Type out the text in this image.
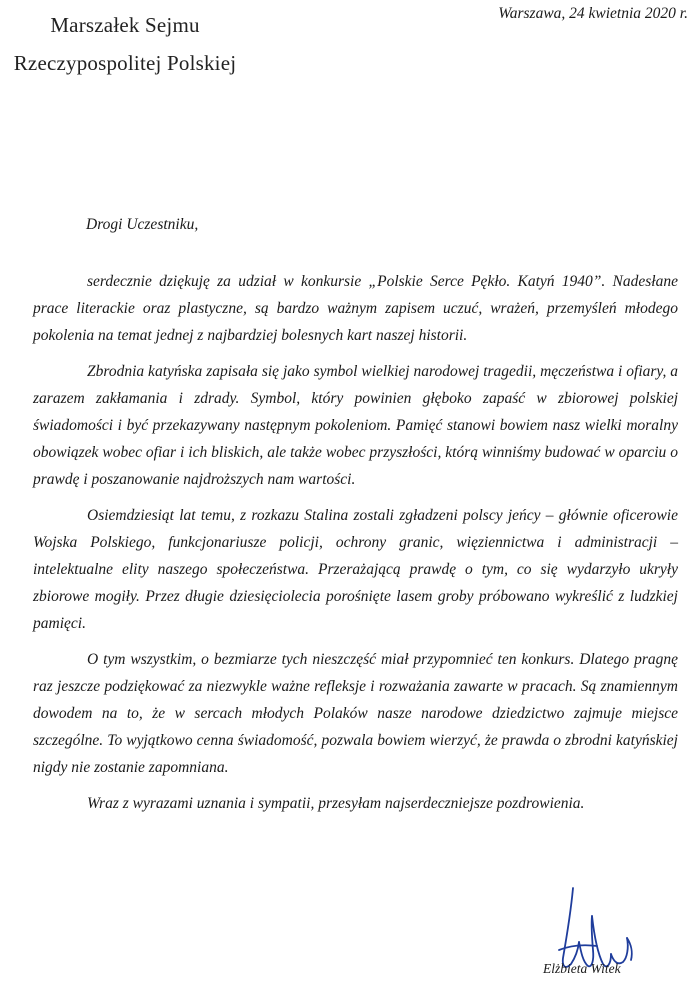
Marszałek Sejmu
Rzeczypospolitej Polskiej
Warszawa, 24 kwietnia 2020 r.
Drogi Uczestniku,

serdecznie dziękuję za udział w konkursie „Polskie Serce Pękło. Katyń 1940”. Nadesłane prace literackie oraz plastyczne, są bardzo ważnym zapisem uczuć, wrażeń, przemyśleń młodego pokolenia na temat jednej z najbardziej bolesnych kart naszej historii.

Zbrodnia katyńska zapisała się jako symbol wielkiej narodowej tragedii, męczeństwa i ofiary, a zarazem zakłamania i zdrady. Symbol, który powinien głęboko zapaść w zbiorowej polskiej świadomości i być przekazywany następnym pokoleniom. Pamięć stanowi bowiem nasz wielki moralny obowiązek wobec ofiar i ich bliskich, ale także wobec przyszłości, którą winniśmy budować w oparciu o prawdę i poszanowanie najdroższych nam wartości.

Osiemdziesiąt lat temu, z rozkazu Stalina zostali zgładzeni polscy jeńcy – głównie oficerowie Wojska Polskiego, funkcjonariusze policji, ochrony granic, więziennictwa i administracji – intelektualne elity naszego społeczeństwa. Przerażającą prawdę o tym, co się wydarzyło ukryły zbiorowe mogiły. Przez długie dziesięciolecia porośnięte lasem groby próbowano wykreślić z ludzkiej pamięci.

O tym wszystkim, o bezmiarze tych nieszczęść miał przypomnieć ten konkurs. Dlatego pragnę raz jeszcze podziękować za niezwykle ważne refleksje i rozważania zawarte w pracach. Są znamiennym dowodem na to, że w sercach młodych Polaków nasze narodowe dziedzictwo zajmuje miejsce szczególne. To wyjątkowo cenna świadomość, pozwala bowiem wierzyć, że prawda o zbrodni katyńskiej nigdy nie zostanie zapomniana.

Wraz z wyrazami uznania i sympatii, przesyłam najserdeczniejsze pozdrowienia.

Elżbieta Witek
